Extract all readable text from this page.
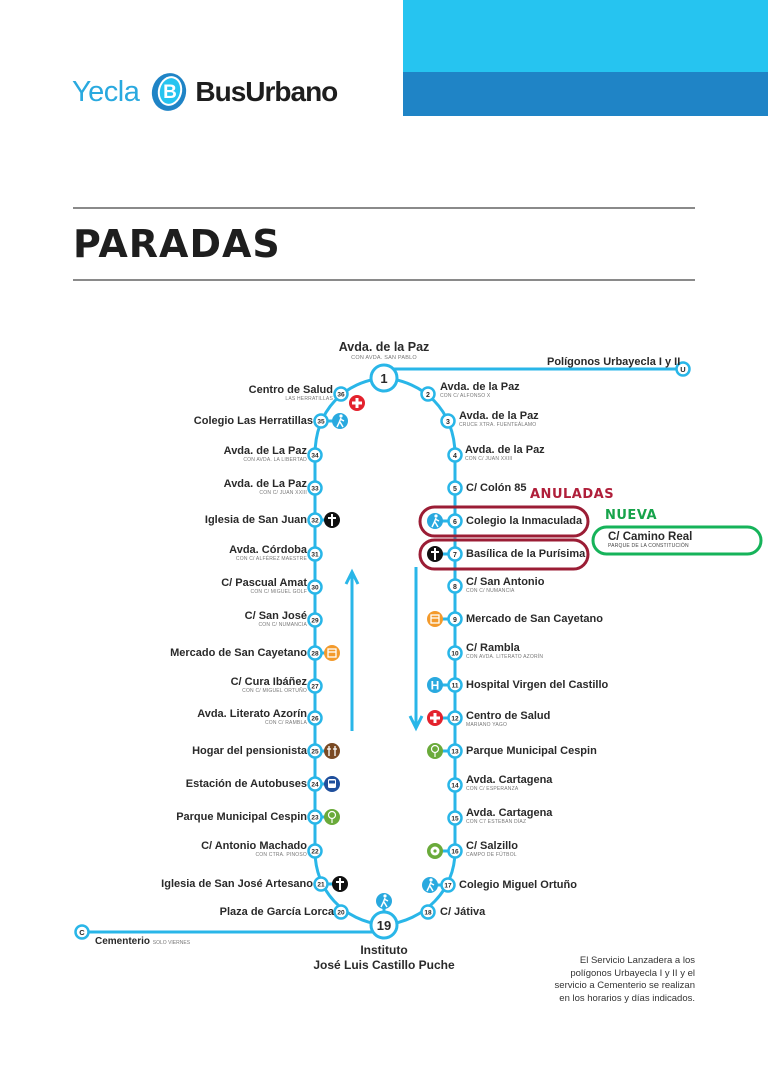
Yecla B BusUrbano
PARADAS
H
1
19
U
C
2
3
4
5
6
7
8
9
10
11
12
13
14
15
16
17
18
20
21
22
23
24
25
26
27
28
29
30
31
32
33
34
35
36
Avda. de la Paz
CON AVDA. SAN PABLO
Instituto
José Luis Castillo Puche
Polígonos Urbayecla I y II
Cementerio SOLO VIERNES
Avda. de la Paz
CON C/ ALFONSO X
Avda. de la Paz
CRUCE XTRA. FUENTEÁLAMO
Avda. de la Paz
CON C/ JUAN XXIII
C/ Colón 85
Colegio la Inmaculada
Basílica de la Purísima
C/ San Antonio
CON C/ NUMANCIA
Mercado de San Cayetano
C/ Rambla
CON AVDA. LITERATO AZORÍN
Hospital Virgen del Castillo
Centro de Salud
MARIANO YAGO
Parque Municipal Cespin
Avda. Cartagena
CON C/ ESPERANZA
Avda. Cartagena
CON C7 ESTEBAN DÍAZ
C/ Salzillo
CAMPO DE FÚTBOL
Colegio Miguel Ortuño
C/ Játiva
Plaza de García Lorca
Iglesia de San José Artesano
C/ Antonio Machado
CON CTRA. PINOSO
Parque Municipal Cespin
Estación de Autobuses
Hogar del pensionista
Avda. Literato Azorín
CON C/ RAMBLA
C/ Cura Ibáñez
CON C/ MIGUEL ORTUÑO
Mercado de San Cayetano
C/ San José
CON C/ NUMANCIA
C/ Pascual Amat
CON C/ MIGUEL GOLF
Avda. Córdoba
CON C/ ALFÉREZ MAESTRE
Iglesia de San Juan
Avda. de La Paz
CON C/ JUAN XXIII
Avda. de La Paz
CON AVDA. LA LIBERTAD
Colegio Las Herratillas
Centro de Salud
LAS HERRATILLAS
ANULADAS
NUEVA
C/ Camino Real
PARQUE DE LA CONSTITUCIÓN
El Servicio Lanzadera a los polígonos Urbayecla I y II y el servicio a Cementerio se realizan en los horarios y días indicados.
